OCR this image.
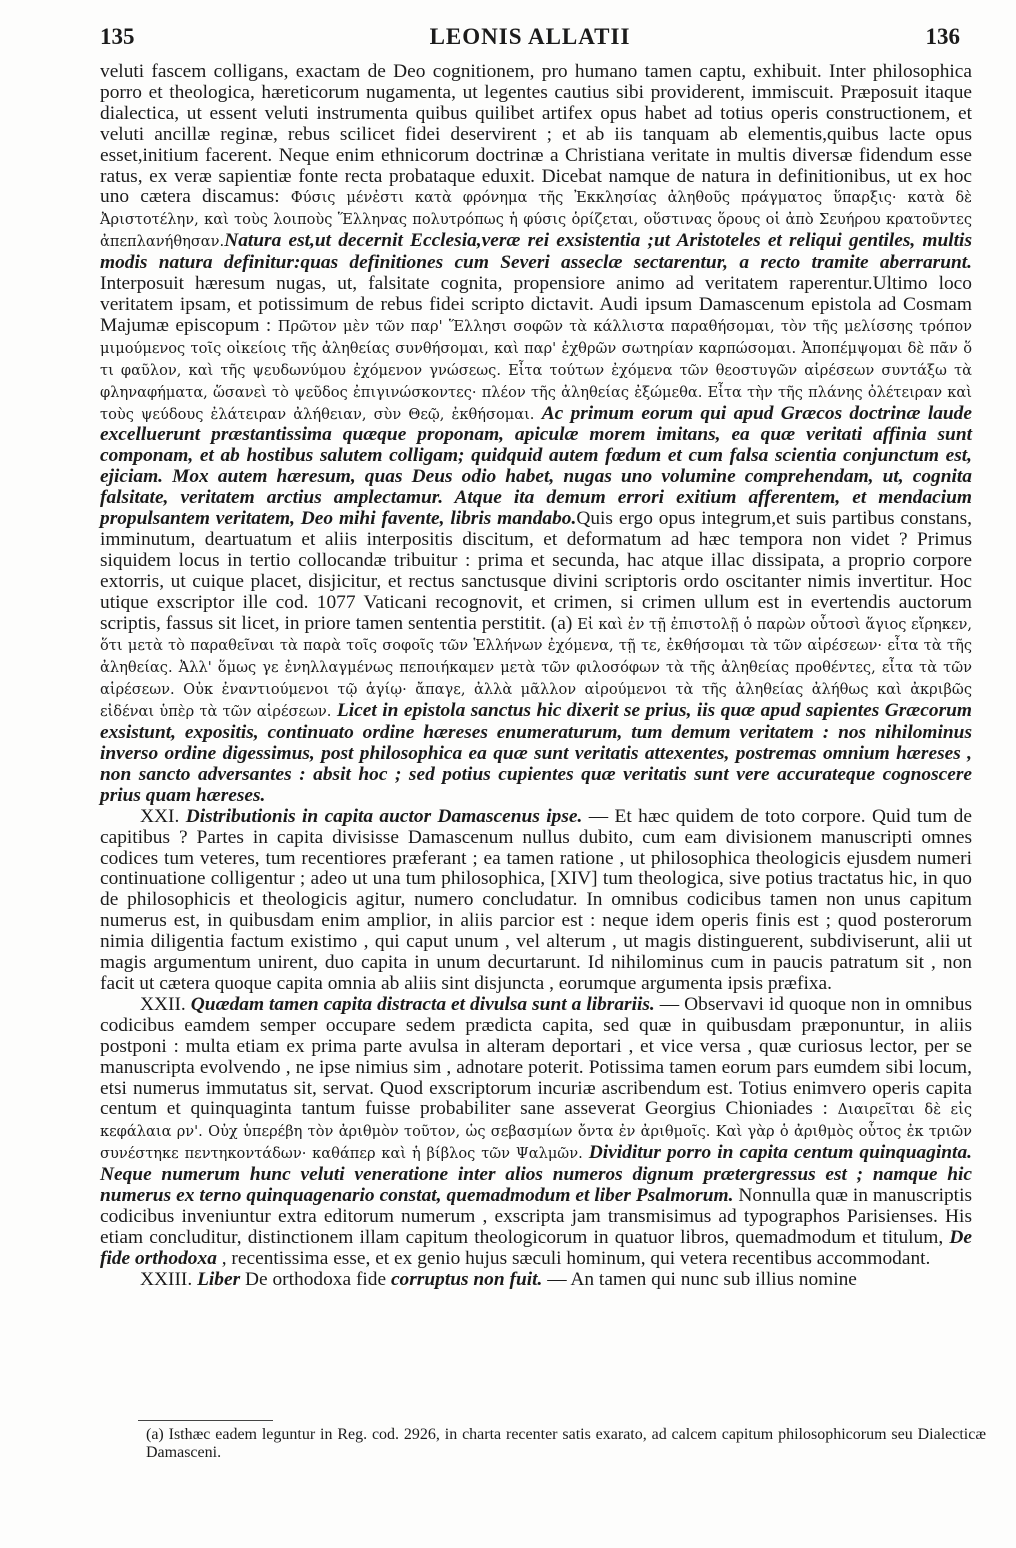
135	LEONIS ALLATII	136

veluti fascem colligans, exactam de Deo cognitionem, pro humano tamen captu, exhibuit. Inter philosophica porro et theologica, hæreticorum nugamenta, ut legentes cautius sibi providerent, immiscuit. Præposuit itaque dialectica, ut essent veluti instrumenta quibus quilibet artifex opus habet ad totius operis constructionem, et veluti ancillæ reginæ, rebus scilicet fidei deservirent ; et ab iis tanquam ab elementis,quibus lacte opus esset,initium facerent. Neque enim ethnicorum doctrinæ a Christiana veritate in multis diversæ fidendum esse ratus, ex veræ sapientiæ fonte recta probataque eduxit. Dicebat namque de natura in definitionibus, ut ex hoc uno cætera discamus: Φύσις μένἐστι κατὰ φρόνημα τῆς Ἐκκλησίας ἀληθοῦς πράγματος ὕπαρξις· κατὰ δὲ Ἀριστοτέλην, καὶ τοὺς λοιποὺς Ἕλληνας πολυτρόπως ἡ φύσις ὁρίζεται, οὕστινας ὅρους οἱ ἀπὸ Σευήρου κρατοῦντες ἀπεπλανήθησαν.Natura est,ut decernit Ecclesia,veræ rei exsistentia ;ut Aristoteles et reliqui gentiles, multis modis natura definitur:quas definitiones cum Severi asseclæ sectarentur, a recto tramite aberrarunt. Interposuit hæresum nugas, ut, falsitate cognita, propensiore animo ad veritatem raperentur.Ultimo loco veritatem ipsam, et potissimum de rebus fidei scripto dictavit. Audi ipsum Damascenum epistola ad Cosmam Majumæ episcopum : Πρῶτον μὲν τῶν παρ' Ἕλλησι σοφῶν τὰ κάλλιστα παραθήσομαι, τὸν τῆς μελίσσης τρόπον μιμούμενος τοῖς οἰκείοις τῆς ἀληθείας συνθήσομαι, καὶ παρ' ἐχθρῶν σωτηρίαν καρπώσομαι. Ἀποπέμψομαι δὲ πᾶν ὅ τι φαῦλον, καὶ τῆς ψευδωνύμου ἐχόμενον γνώσεως. Εἶτα τούτων ἐχόμενα τῶν θεοστυγῶν αἱρέσεων συντάξω τὰ φληναφήματα, ὥσανεὶ τὸ ψεῦδος ἐπιγινώσκοντες· πλέον τῆς ἀληθείας ἐξώμεθα. Εἶτα τὴν τῆς πλάνης ὀλέτειραν καὶ τοὺς ψεύδους ἐλάτειραν ἀλήθειαν, σὺν Θεῷ, ἐκθήσομαι. Ac primum eorum qui apud Græcos doctrinæ laude excelluerunt præstantissima quæque proponam, apiculæ morem imitans, ea quæ veritati affinia sunt componam, et ab hostibus salutem colligam; quidquid autem fœdum et cum falsa scientia conjunctum est, ejiciam. Mox autem hæresum, quas Deus odio habet, nugas uno volumine comprehendam, ut, cognita falsitate, veritatem arctius amplectamur. Atque ita demum errori exitium afferentem, et mendacium propulsantem veritatem, Deo mihi favente, libris mandabo.Quis ergo opus integrum,et suis partibus constans, imminutum, deartuatum et aliis interpositis discitum, et deformatum ad hæc tempora non videt ? Primus siquidem locus in tertio collocandæ tribuitur : prima et secunda, hac atque illac dissipata, a proprio corpore extorris, ut cuique placet, disjicitur, et rectus sanctusque divini scriptoris ordo oscitanter nimis invertitur. Hoc utique exscriptor ille cod. 1077 Vaticani recognovit, et crimen, si crimen ullum est in evertendis auctorum scriptis, fassus sit licet, in priore tamen sententia perstitit. (a) Εἰ καὶ ἐν τῇ ἐπιστολῇ ὁ παρὼν οὗτοσὶ ἅγιος εἴρηκεν, ὅτι μετὰ τὸ παραθεῖναι τὰ παρὰ τοῖς σοφοῖς τῶν Ἑλλήνων ἐχόμενα, τῇ τε, ἐκθήσομαι τὰ τῶν αἱρέσεων· εἶτα τὰ τῆς ἀληθείας. Ἀλλ' ὅμως γε ἐνηλλαγμένως πεποιήκαμεν μετὰ τῶν φιλοσόφων τὰ τῆς ἀληθείας προθέντες, εἶτα τὰ τῶν αἱρέσεων. Οὐκ ἐναντιούμενοι τῷ ἁγίῳ· ἄπαγε, ἀλλὰ μᾶλλον αἱρούμενοι τὰ τῆς ἀληθείας ἀλήθως καὶ ἀκριβῶς εἰδέναι ὑπὲρ τὰ τῶν αἱρέσεων. Licet in epistola sanctus hic dixerit se prius, iis quæ apud sapientes Græcorum exsistunt, expositis, continuato ordine hæreses enumeraturum, tum demum veritatem : nos nihilominus inverso ordine digessimus, post philosophica ea quæ sunt veritatis attexentes, postremas omnium hæreses , non sancto adversantes : absit hoc ; sed potius cupientes quæ veritatis sunt vere accurateque cognoscere prius quam hæreses.

XXI. Distributionis in capita auctor Damascenus ipse. — Et hæc quidem de toto corpore. Quid tum de capitibus ? Partes in capita divisisse Damascenum nullus dubito, cum eam divisionem manuscripti omnes codices tum veteres, tum recentiores præferant ; ea tamen ratione , ut philosophica theologicis ejusdem numeri continuatione colligentur ; adeo ut una tum philosophica, [XIV] tum theologica, sive potius tractatus hic, in quo de philosophicis et theologicis agitur, numero concludatur. In omnibus codicibus tamen non unus capitum numerus est, in quibusdam enim amplior, in aliis parcior est : neque idem operis finis est ; quod posterorum nimia diligentia factum existimo , qui caput unum , vel alterum , ut magis distinguerent, subdiviserunt, alii ut magis argumentum unirent, duo capita in unum decurtarunt. Id nihilominus cum in paucis patratum sit , non facit ut cætera quoque capita omnia ab aliis sint disjuncta , eorumque argumenta ipsis præfixa.

XXII. Quædam tamen capita distracta et divulsa sunt a librariis. — Observavi id quoque non in omnibus codicibus eamdem semper occupare sedem prædicta capita, sed quæ in quibusdam præponuntur, in aliis postponi : multa etiam ex prima parte avulsa in alteram deportari , et vice versa , quæ curiosus lector, per se manuscripta evolvendo , ne ipse nimius sim , adnotare poterit. Potissima tamen eorum pars eumdem sibi locum, etsi numerus immutatus sit, servat. Quod exscriptorum incuriæ ascribendum est. Totius enimvero operis capita centum et quinquaginta tantum fuisse probabiliter sane asseverat Georgius Chioniades : Διαιρεῖται δὲ εἰς κεφάλαια ρν'. Οὐχ ὑπερέβη τὸν ἀριθμὸν τοῦτον, ὡς σεβασμίων ὄντα ἐν ἀριθμοῖς. Καὶ γὰρ ὁ ἀριθμὸς οὗτος ἐκ τριῶν συνέστηκε πεντηκοντάδων· καθάπερ καὶ ἡ βίβλος τῶν Ψαλμῶν. Dividitur porro in capita centum quinquaginta. Neque numerum hunc veluti veneratione inter alios numeros dignum prætergressus est ; namque hic numerus ex terno quinquagenario constat, quemadmodum et liber Psalmorum. Nonnulla quæ in manuscriptis codicibus inveniuntur extra editorum numerum , exscripta jam transmisimus ad typographos Parisienses. His etiam concluditur, distinctionem illam capitum theologicorum in quatuor libros, quemadmodum et titulum, De fide orthodoxa , recentissima esse, et ex genio hujus sæculi hominum, qui vetera recentibus accommodant.

XXIII. Liber De orthodoxa fide corruptus non fuit. — An tamen qui nunc sub illius nomine

(a) Isthæc eadem leguntur in Reg. cod. 2926, in charta recenter satis exarato, ad calcem capitum philosophicorum seu Dialecticæ Damasceni.
